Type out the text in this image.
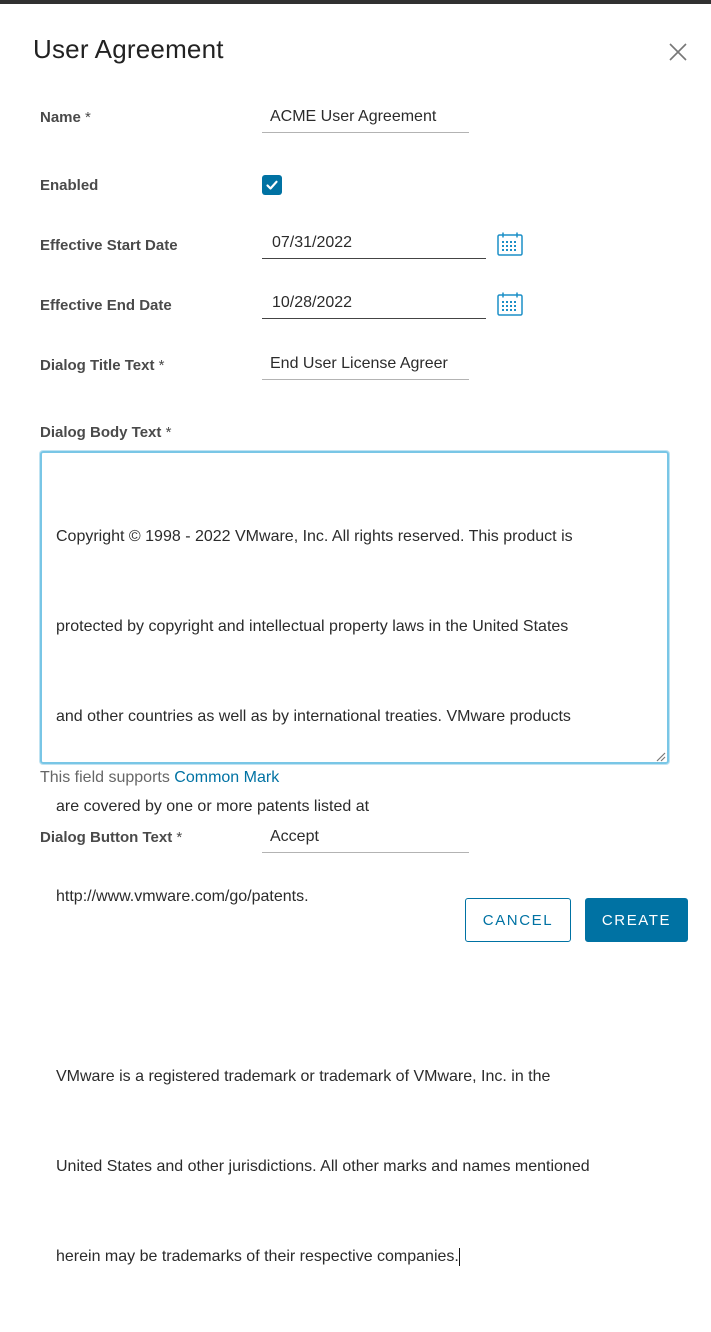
User Agreement
Name *	ACME User Agreement
Enabled
Effective Start Date	07/31/2022
Effective End Date	10/28/2022
Dialog Title Text *	End User License Agreer
Dialog Body Text *

Copyright © 1998 - 2022 VMware, Inc. All rights reserved. This product is

protected by copyright and intellectual property laws in the United States

and other countries as well as by international treaties. VMware products

are covered by one or more patents listed at

http://www.vmware.com/go/patents.

VMware is a registered trademark or trademark of VMware, Inc. in the

United States and other jurisdictions. All other marks and names mentioned

herein may be trademarks of their respective companies.

This field supports Common Mark
Dialog Button Text *	Accept
CANCEL	CREATE
